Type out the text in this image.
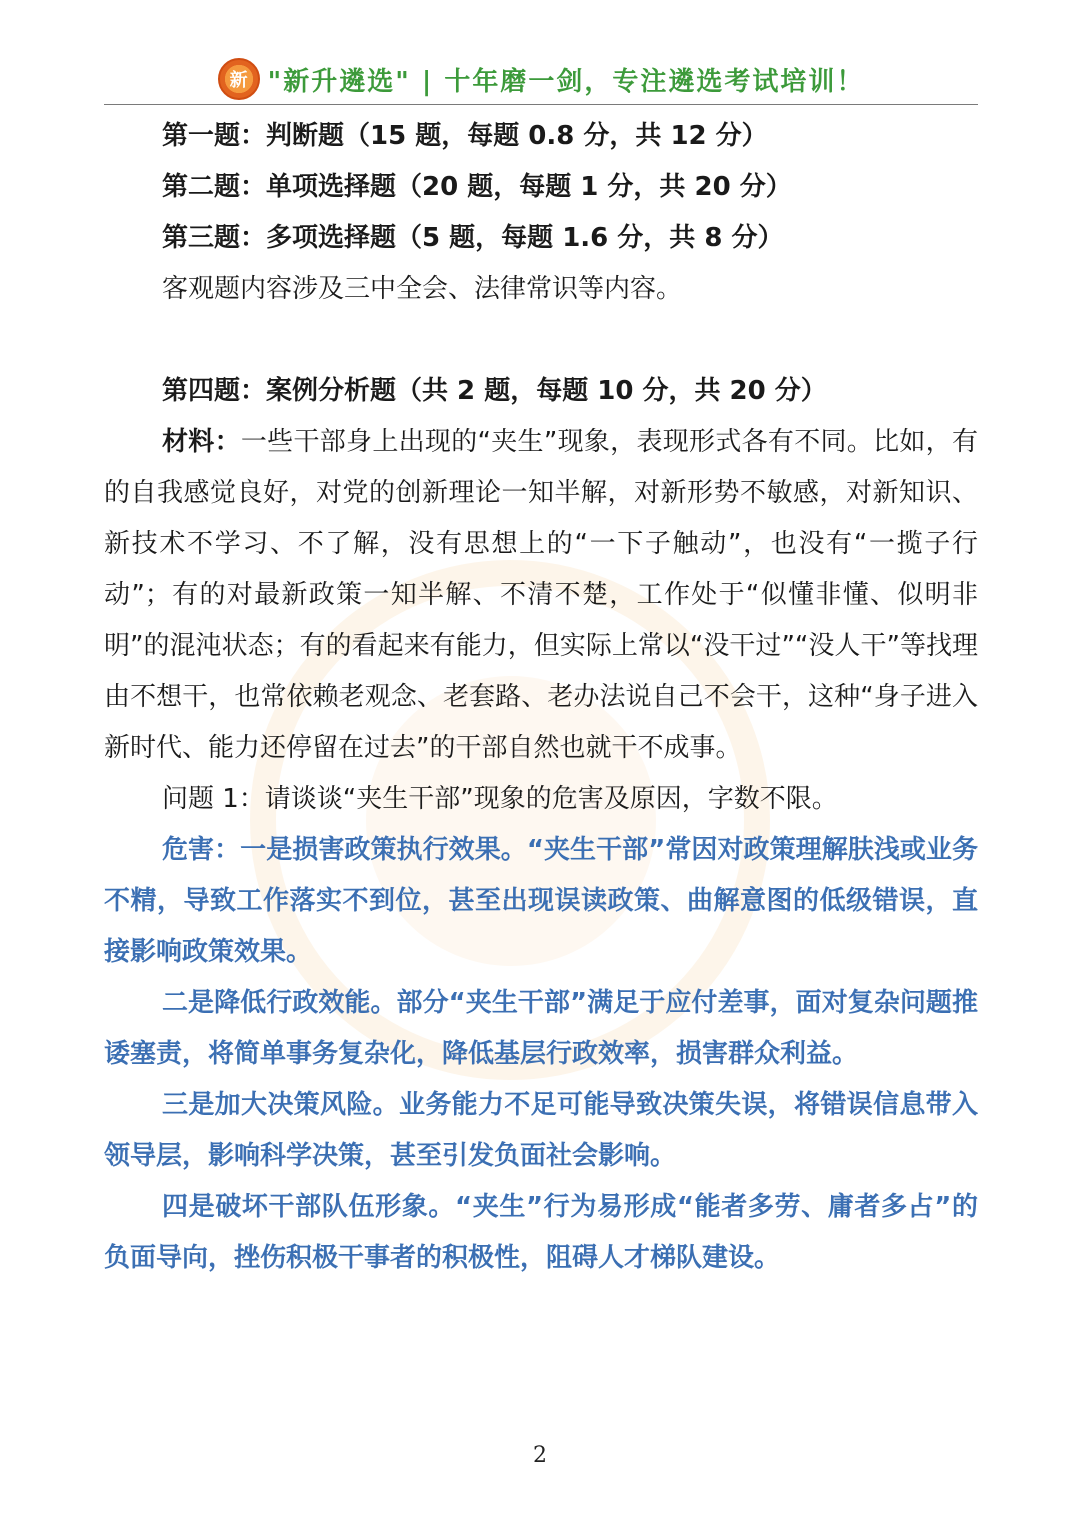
新 "新升遴选" | 十年磨一剑，专注遴选考试培训！

第一题：判断题（15 题，每题 0.8 分，共 12 分）

第二题：单项选择题（20 题，每题 1 分，共 20 分）

第三题：多项选择题（5 题，每题 1.6 分，共 8 分）

客观题内容涉及三中全会、法律常识等内容。

第四题：案例分析题（共 2 题，每题 10 分，共 20 分）

材料：一些干部身上出现的“夹生”现象，表现形式各有不同。比如，有的自我感觉良好，对党的创新理论一知半解，对新形势不敏感，对新知识、新技术不学习、不了解，没有思想上的“一下子触动”，也没有“一揽子行动”；有的对最新政策一知半解、不清不楚，工作处于“似懂非懂、似明非明”的混沌状态；有的看起来有能力，但实际上常以“没干过”“没人干”等找理由不想干，也常依赖老观念、老套路、老办法说自己不会干，这种“身子进入新时代、能力还停留在过去”的干部自然也就干不成事。

问题 1：请谈谈“夹生干部”现象的危害及原因，字数不限。

危害：一是损害政策执行效果。“夹生干部”常因对政策理解肤浅或业务不精，导致工作落实不到位，甚至出现误读政策、曲解意图的低级错误，直接影响政策效果。

二是降低行政效能。部分“夹生干部”满足于应付差事，面对复杂问题推诿塞责，将简单事务复杂化，降低基层行政效率，损害群众利益。

三是加大决策风险。业务能力不足可能导致决策失误，将错误信息带入领导层，影响科学决策，甚至引发负面社会影响。

四是破坏干部队伍形象。“夹生”行为易形成“能者多劳、庸者多占”的负面导向，挫伤积极干事者的积极性，阻碍人才梯队建设。

2
